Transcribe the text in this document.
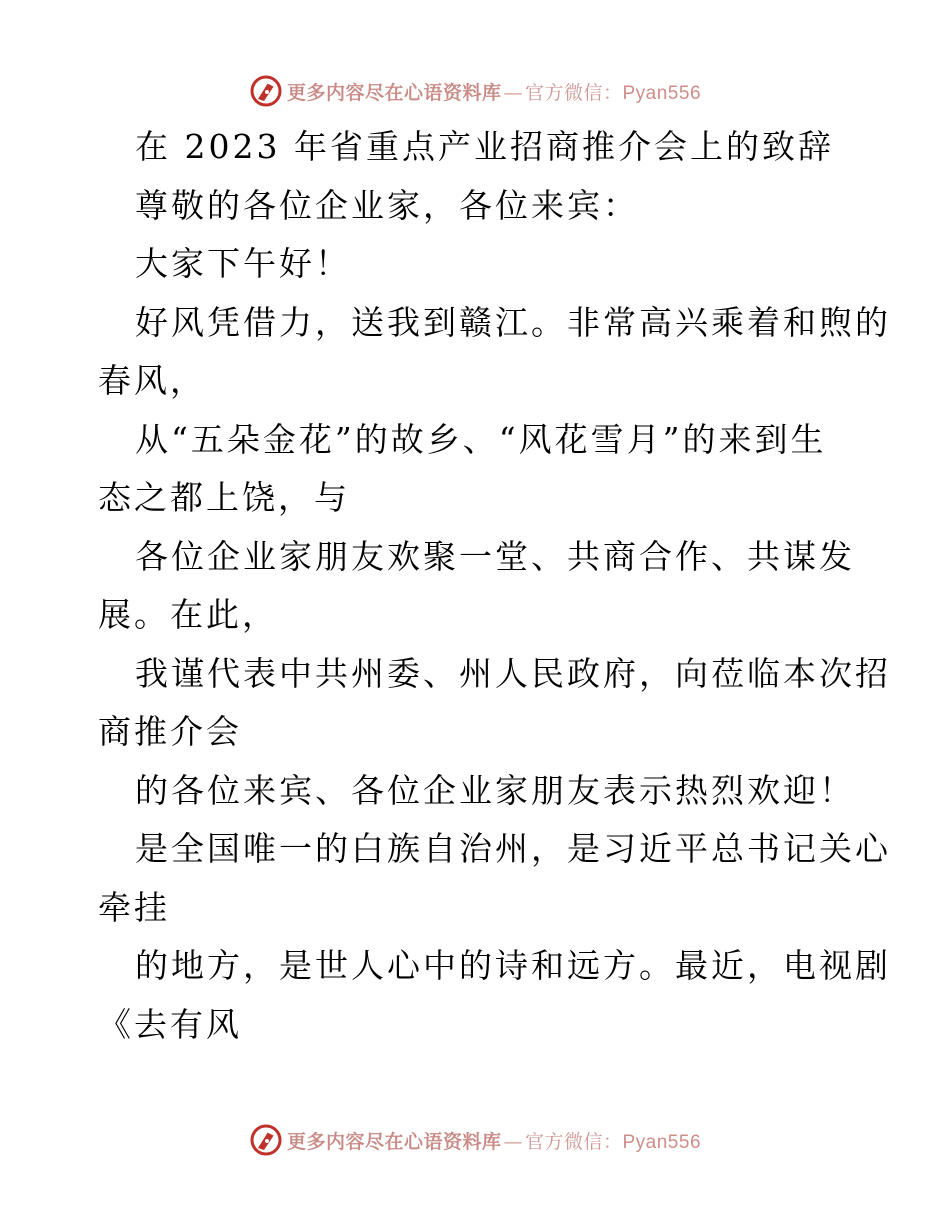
更多内容尽在心语资料库 — 官方微信：Pyan556
在 2023 年省重点产业招商推介会上的致辞
尊敬的各位企业家，各位来宾：
大家下午好！
好风凭借力，送我到赣江。非常高兴乘着和煦的
春风，
从“五朵金花”的故乡、“风花雪月”的来到生
态之都上饶，与
各位企业家朋友欢聚一堂、共商合作、共谋发
展。在此，
我谨代表中共州委、州人民政府，向莅临本次招
商推介会
的各位来宾、各位企业家朋友表示热烈欢迎！
是全国唯一的白族自治州，是习近平总书记关心
牵挂
的地方，是世人心中的诗和远方。最近，电视剧
《去有风
更多内容尽在心语资料库 — 官方微信：Pyan556
